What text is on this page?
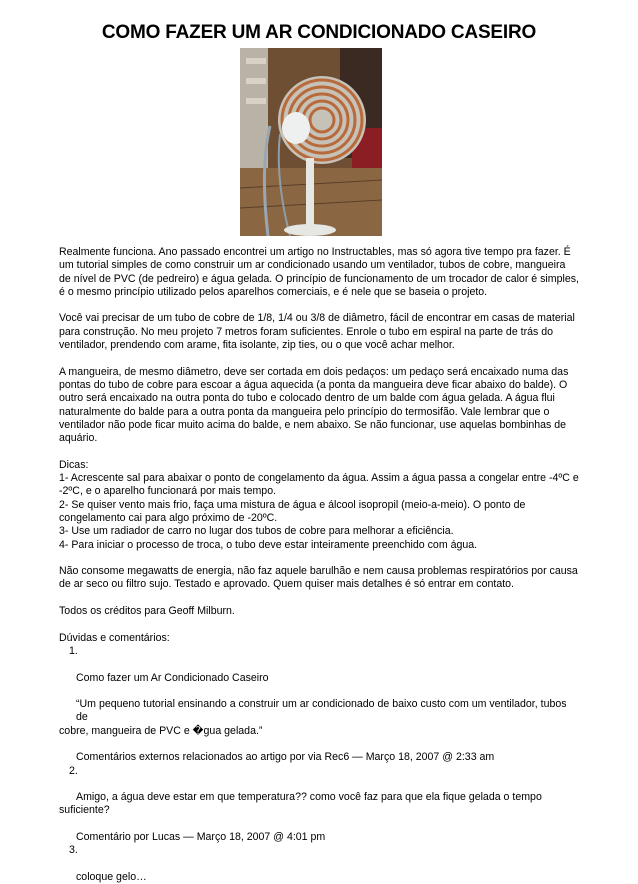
COMO FAZER UM AR CONDICIONADO CASEIRO

Realmente funciona. Ano passado encontrei um artigo no Instructables, mas só agora tive tempo pra fazer. É um tutorial simples de como construir um ar condicionado usando um ventilador, tubos de cobre, mangueira de nível de PVC (de pedreiro) e água gelada. O princípio de funcionamento de um trocador de calor é simples, é o mesmo princípio utilizado pelos aparelhos comerciais, e é nele que se baseia o projeto.

Você vai precisar de um tubo de cobre de 1/8, 1/4 ou 3/8 de diâmetro, fácil de encontrar em casas de material para construção. No meu projeto 7 metros foram suficientes. Enrole o tubo em espiral na parte de trás do ventilador, prendendo com arame, fita isolante, zip ties, ou o que você achar melhor.

A mangueira, de mesmo diâmetro, deve ser cortada em dois pedaços: um pedaço será encaixado numa das pontas do tubo de cobre para escoar a água aquecida (a ponta da mangueira deve ficar abaixo do balde). O outro será encaixado na outra ponta do tubo e colocado dentro de um balde com água gelada. A água flui naturalmente do balde para a outra ponta da mangueira pelo princípio do termosifão. Vale lembrar que o ventilador não pode ficar muito acima do balde, e nem abaixo. Se não funcionar, use aquelas bombinhas de aquário.

Dicas:
1- Acrescente sal para abaixar o ponto de congelamento da água. Assim a água passa a congelar entre -4ºC e -2ºC, e o aparelho funcionará por mais tempo.
2- Se quiser vento mais frio, faça uma mistura de água e álcool isopropil (meio-a-meio). O ponto de congelamento cai para algo próximo de -20ºC.
3- Use um radiador de carro no lugar dos tubos de cobre para melhorar a eficiência.
4- Para iniciar o processo de troca, o tubo deve estar inteiramente preenchido com água.

Não consome megawatts de energia, não faz aquele barulhão e nem causa problemas respiratórios por causa de ar seco ou filtro sujo. Testado e aprovado. Quem quiser mais detalhes é só entrar em contato.

Todos os créditos para Geoff Milburn.

Dúvidas e comentários:
1.
Como fazer um Ar Condicionado Caseiro
“Um pequeno tutorial ensinando a construir um ar condicionado de baixo custo com um ventilador, tubos de
cobre, mangueira de PVC e �gua gelada.”
Comentários externos relacionados ao artigo por via Rec6 — Março 18, 2007 @ 2:33 am
2.
Amigo, a água deve estar em que temperatura?? como você faz para que ela fique gelada o tempo
suficiente?
Comentário por Lucas — Março 18, 2007 @ 4:01 pm
3.
coloque gelo…
